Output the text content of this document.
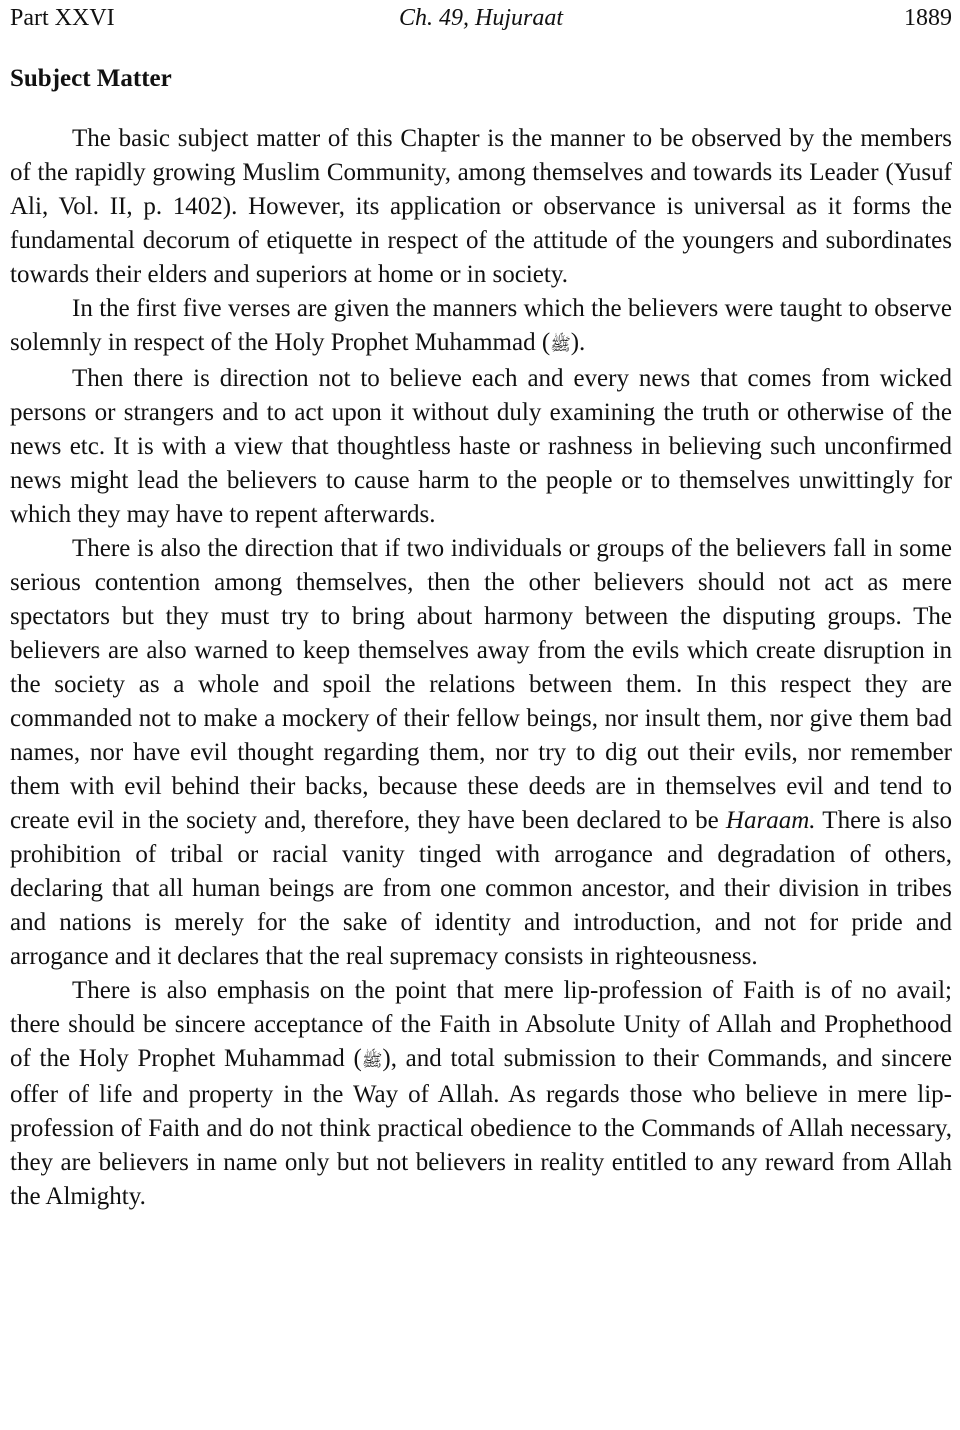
Part XXVI	Ch. 49, Hujuraat	1889
Subject Matter

The basic subject matter of this Chapter is the manner to be observed by the members of the rapidly growing Muslim Community, among themselves and towards its Leader (Yusuf Ali, Vol. II, p. 1402). However, its application or observance is universal as it forms the fundamental decorum of etiquette in respect of the attitude of the youngers and subordinates towards their elders and superiors at home or in society.

In the first five verses are given the manners which the believers were taught to observe solemnly in respect of the Holy Prophet Muhammad (ﷺ).

Then there is direction not to believe each and every news that comes from wicked persons or strangers and to act upon it without duly examining the truth or otherwise of the news etc. It is with a view that thoughtless haste or rashness in believing such unconfirmed news might lead the believers to cause harm to the people or to themselves unwittingly for which they may have to repent afterwards.

There is also the direction that if two individuals or groups of the believers fall in some serious contention among themselves, then the other believers should not act as mere spectators but they must try to bring about harmony between the disputing groups. The believers are also warned to keep themselves away from the evils which create disruption in the society as a whole and spoil the relations between them. In this respect they are commanded not to make a mockery of their fellow beings, nor insult them, nor give them bad names, nor have evil thought regarding them, nor try to dig out their evils, nor remember them with evil behind their backs, because these deeds are in themselves evil and tend to create evil in the society and, therefore, they have been declared to be Haraam. There is also prohibition of tribal or racial vanity tinged with arrogance and degradation of others, declaring that all human beings are from one common ancestor, and their division in tribes and nations is merely for the sake of identity and introduction, and not for pride and arrogance and it declares that the real supremacy consists in righteousness.

There is also emphasis on the point that mere lip-profession of Faith is of no avail; there should be sincere acceptance of the Faith in Absolute Unity of Allah and Prophethood of the Holy Prophet Muhammad (ﷺ), and total submission to their Commands, and sincere offer of life and property in the Way of Allah. As regards those who believe in mere lip-profession of Faith and do not think practical obedience to the Commands of Allah necessary, they are believers in name only but not believers in reality entitled to any reward from Allah the Almighty.
